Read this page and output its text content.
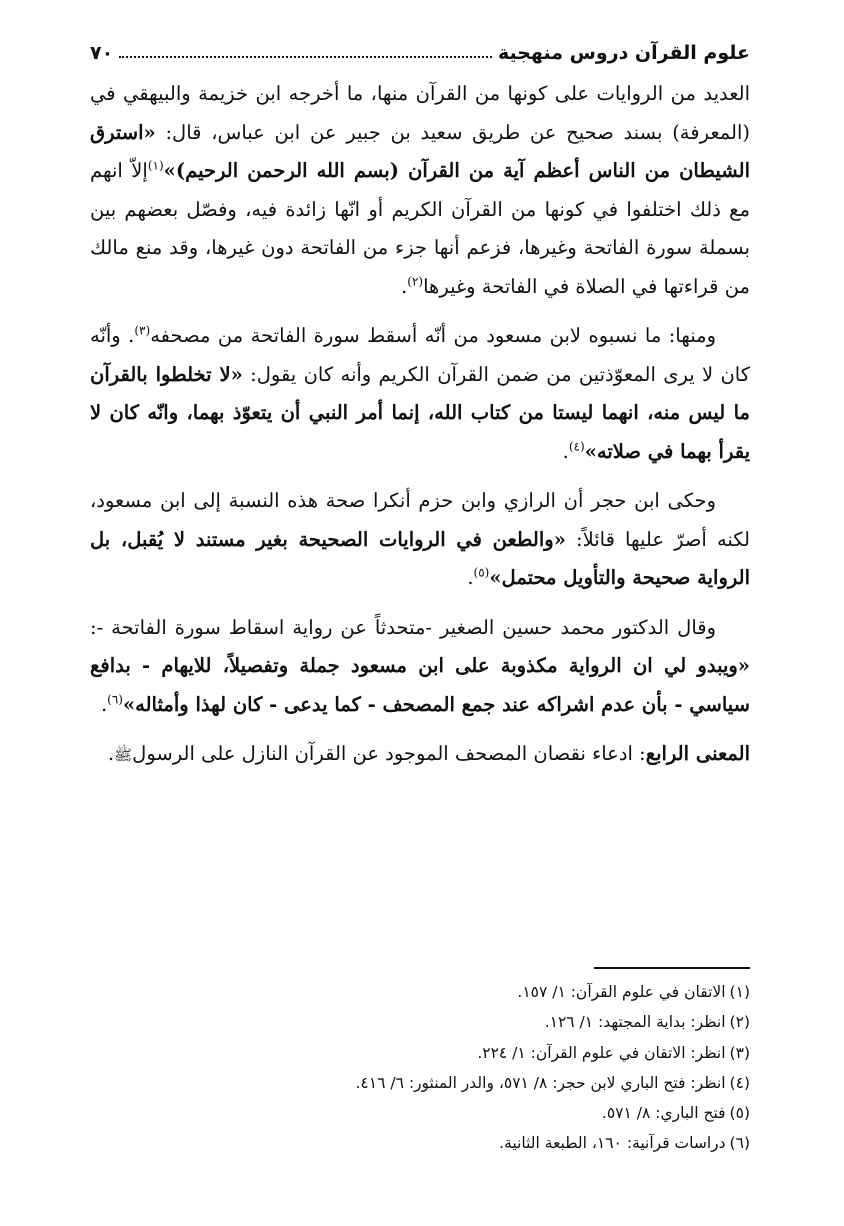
علوم القرآن دروس منهجية
٧٠

العديد من الروايات على كونها من القرآن منها، ما أخرجه ابن خزيمة والبيهقي في (المعرفة) بسند صحيح عن طريق سعيد بن جبير عن ابن عباس، قال: «استرق الشيطان من الناس أعظم آية من القرآن (بسم الله الرحمن الرحيم)»$^{(١)}$إلاّ انهم مع ذلك اختلفوا في كونها من القرآن الكريم أو انّها زائدة فيه، وفصّل بعضهم بين بسملة سورة الفاتحة وغيرها، فزعم أنها جزء من الفاتحة دون غيرها، وقد منع مالك من قراءتها في الصلاة في الفاتحة وغيرها$^{(٢)}$.

ومنها: ما نسبوه لابن مسعود من أنّه أسقط سورة الفاتحة من مصحفه$^{(٣)}$. وأنّه كان لا يرى المعوّذتين من ضمن القرآن الكريم وأنه كان يقول: «لا تخلطوا بالقرآن ما ليس منه، انهما ليستا من كتاب الله، إنما أمر النبي أن يتعوّذ بهما، وانّه كان لا يقرأ بهما في صلاته»$^{(٤)}$.

وحكى ابن حجر أن الرازي وابن حزم أنكرا صحة هذه النسبة إلى ابن مسعود، لكنه أصرّ عليها قائلاً: «والطعن في الروايات الصحيحة بغير مستند لا يُقبل، بل الرواية صحيحة والتأويل محتمل»$^{(٥)}$.

وقال الدكتور محمد حسين الصغير -متحدثاً عن رواية اسقاط سورة الفاتحة -: «ويبدو لي ان الرواية مكذوبة على ابن مسعود جملة وتفصيلاً، للايهام - بدافع سياسي - بأن عدم اشراكه عند جمع المصحف - كما يدعى - كان لهذا وأمثاله»$^{(٦)}$.

المعنى الرابع: ادعاء نقصان المصحف الموجود عن القرآن النازل على الرسولﷺ.

(١)الاتقان في علوم القرآن: ١/ ١٥٧.
(٢)انظر: بداية المجتهد: ١/ ١٢٦.
(٣)انظر: الاتقان في علوم القرآن: ١/ ٢٢٤.
(٤)انظر: فتح الباري لابن حجر: ٨/ ٥٧١، والدر المنثور: ٦/ ٤١٦.
(٥)فتح الباري: ٨/ ٥٧١.
(٦)دراسات قرآنية: ١٦٠، الطبعة الثانية.
